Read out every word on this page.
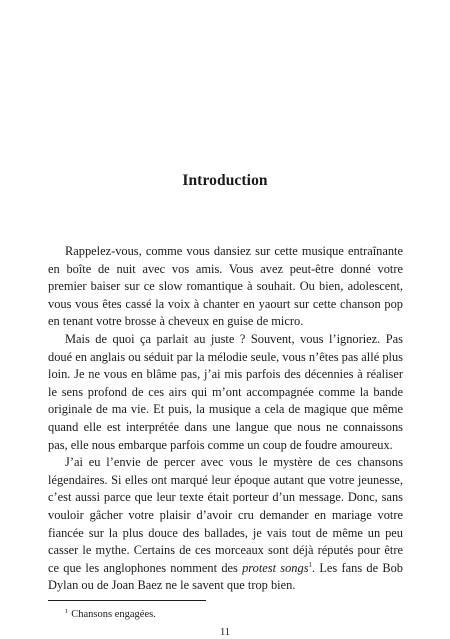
Introduction

Rappelez-vous, comme vous dansiez sur cette musique entraînante en boîte de nuit avec vos amis. Vous avez peut-être donné votre premier baiser sur ce slow romantique à souhait. Ou bien, adolescent, vous vous êtes cassé la voix à chanter en yaourt sur cette chanson pop en tenant votre brosse à cheveux en guise de micro.

Mais de quoi ça parlait au juste ? Souvent, vous l’ignoriez. Pas doué en anglais ou séduit par la mélodie seule, vous n’êtes pas allé plus loin. Je ne vous en blâme pas, j’ai mis parfois des décennies à réaliser le sens profond de ces airs qui m’ont accompagnée comme la bande originale de ma vie. Et puis, la musique a cela de magique que même quand elle est interprétée dans une langue que nous ne connaissons pas, elle nous embarque parfois comme un coup de foudre amoureux.

J’ai eu l’envie de percer avec vous le mystère de ces chansons légendaires. Si elles ont marqué leur époque autant que votre jeunesse, c’est aussi parce que leur texte était porteur d’un message. Donc, sans vouloir gâcher votre plaisir d’avoir cru demander en mariage votre fiancée sur la plus douce des ballades, je vais tout de même un peu casser le mythe. Certains de ces morceaux sont déjà réputés pour être ce que les anglophones nomment des protest songs$^1$. Les fans de Bob Dylan ou de Joan Baez ne le savent que trop bien.

$^1$ Chansons engagées.
11
